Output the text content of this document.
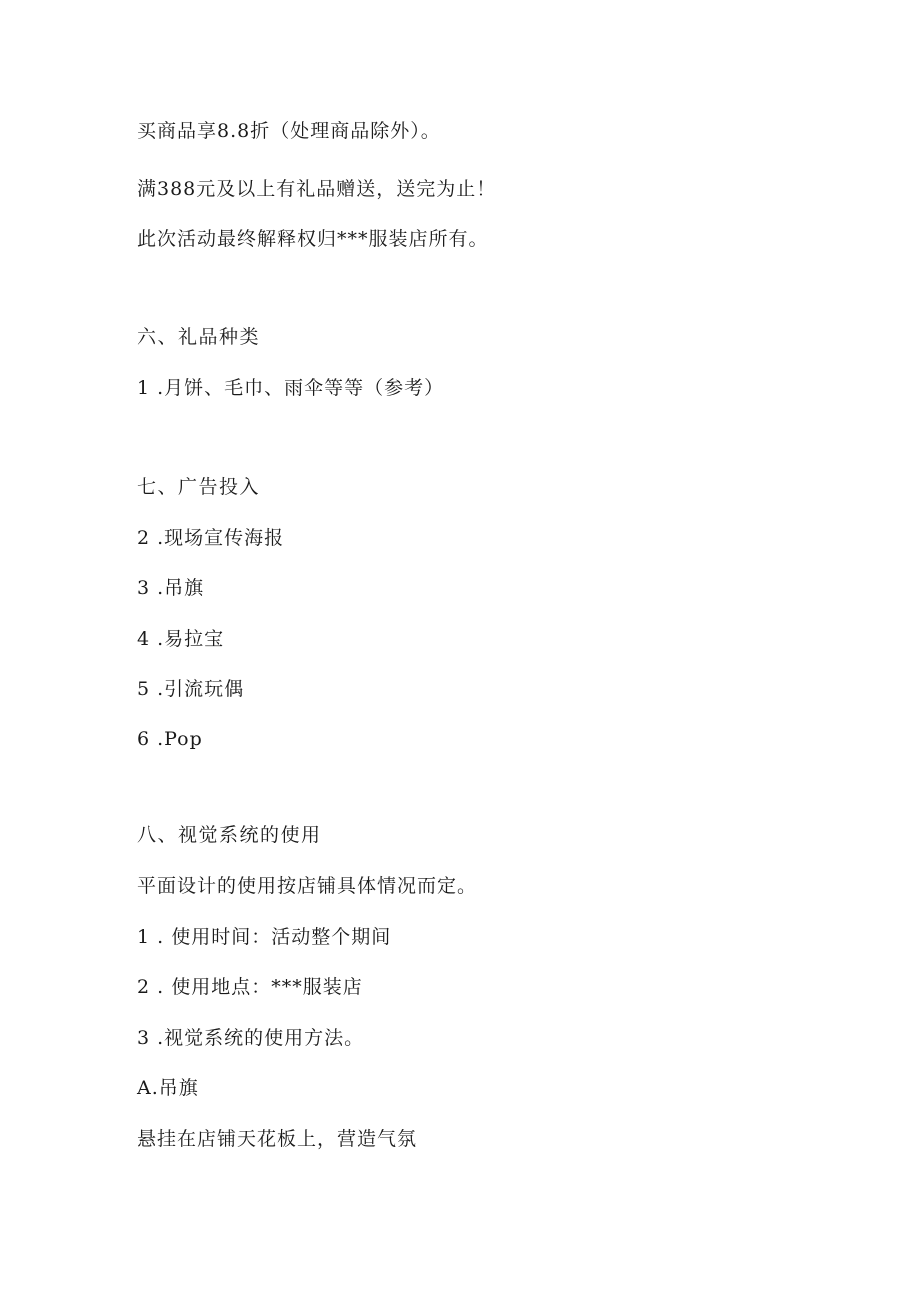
买商品享8.8折（处理商品除外）。
满388元及以上有礼品赠送，送完为止！
此次活动最终解释权归***服装店所有。
六、礼品种类
1 .月饼、毛巾、雨伞等等（参考）
七、广告投入
2 .现场宣传海报
3 .吊旗
4 .易拉宝
5 .引流玩偶
6 .Pop
八、视觉系统的使用
平面设计的使用按店铺具体情况而定。
1 . 使用时间：活动整个期间
2 . 使用地点：***服装店
3 .视觉系统的使用方法。
A.吊旗
悬挂在店铺天花板上，营造气氛
